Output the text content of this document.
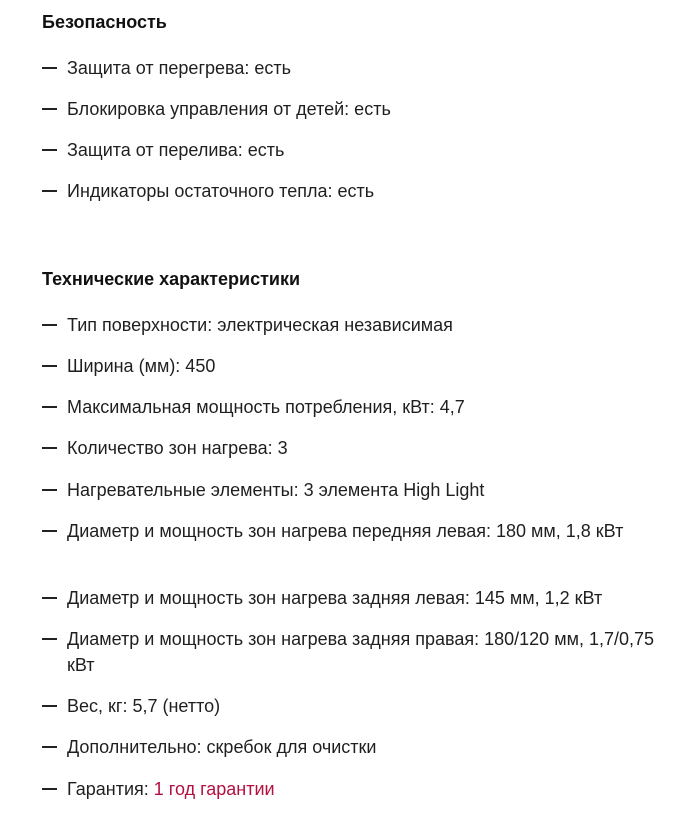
Безопасность
Защита от перегрева: есть
Блокировка управления от детей: есть
Защита от перелива: есть
Индикаторы остаточного тепла: есть
Технические характеристики
Тип поверхности: электрическая независимая
Ширина (мм): 450
Максимальная мощность потребления, кВт: 4,7
Количество зон нагрева: 3
Нагревательные элементы: 3 элемента High Light
Диаметр и мощность зон нагрева передняя левая: 180 мм, 1,8 кВт
Диаметр и мощность зон нагрева задняя левая: 145 мм, 1,2 кВт
Диаметр и мощность зон нагрева задняя правая: 180/120 мм, 1,7/0,75 кВт
Вес, кг: 5,7 (нетто)
Дополнительно: скребок для очистки
Гарантия: 1 год гарантии
